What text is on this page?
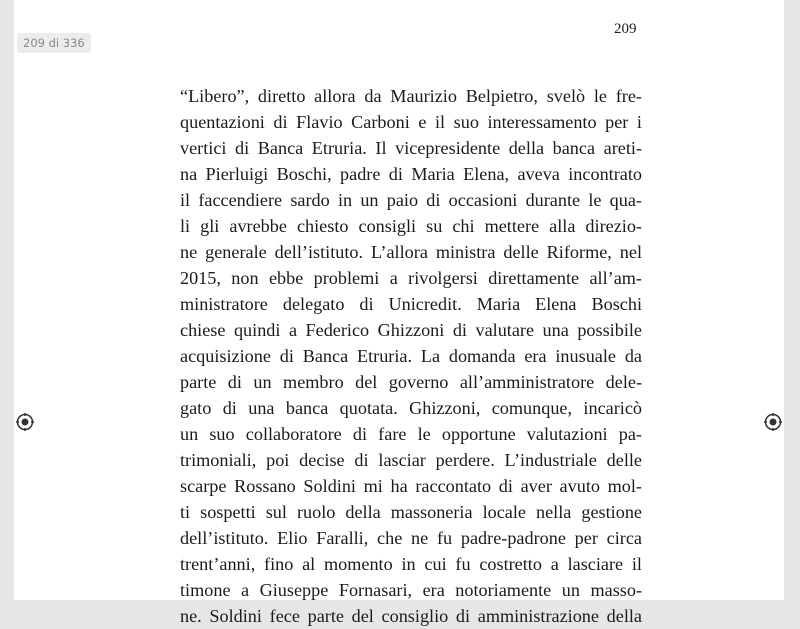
209
“Libero”, diretto allora da Maurizio Belpietro, svelò le fre-
quentazioni di Flavio Carboni e il suo interessamento per i
vertici di Banca Etruria. Il vicepresidente della banca areti-
na Pierluigi Boschi, padre di Maria Elena, aveva incontrato
il faccendiere sardo in un paio di occasioni durante le qua-
li gli avrebbe chiesto consigli su chi mettere alla direzio-
ne generale dell’istituto. L’allora ministra delle Riforme, nel
2015, non ebbe problemi a rivolgersi direttamente all’am-
ministratore delegato di Unicredit. Maria Elena Boschi
chiese quindi a Federico Ghizzoni di valutare una possibile
acquisizione di Banca Etruria. La domanda era inusuale da
parte di un membro del governo all’amministratore dele-
gato di una banca quotata. Ghizzoni, comunque, incaricò
un suo collaboratore di fare le opportune valutazioni pa-
trimoniali, poi decise di lasciar perdere. L’industriale delle
scarpe Rossano Soldini mi ha raccontato di aver avuto mol-
ti sospetti sul ruolo della massoneria locale nella gestione
dell’istituto. Elio Faralli, che ne fu padre-padrone per circa
trent’anni, fino al momento in cui fu costretto a lasciare il
timone a Giuseppe Fornasari, era notoriamente un masso-
ne. Soldini fece parte del consiglio di amministrazione della
209 di 336
